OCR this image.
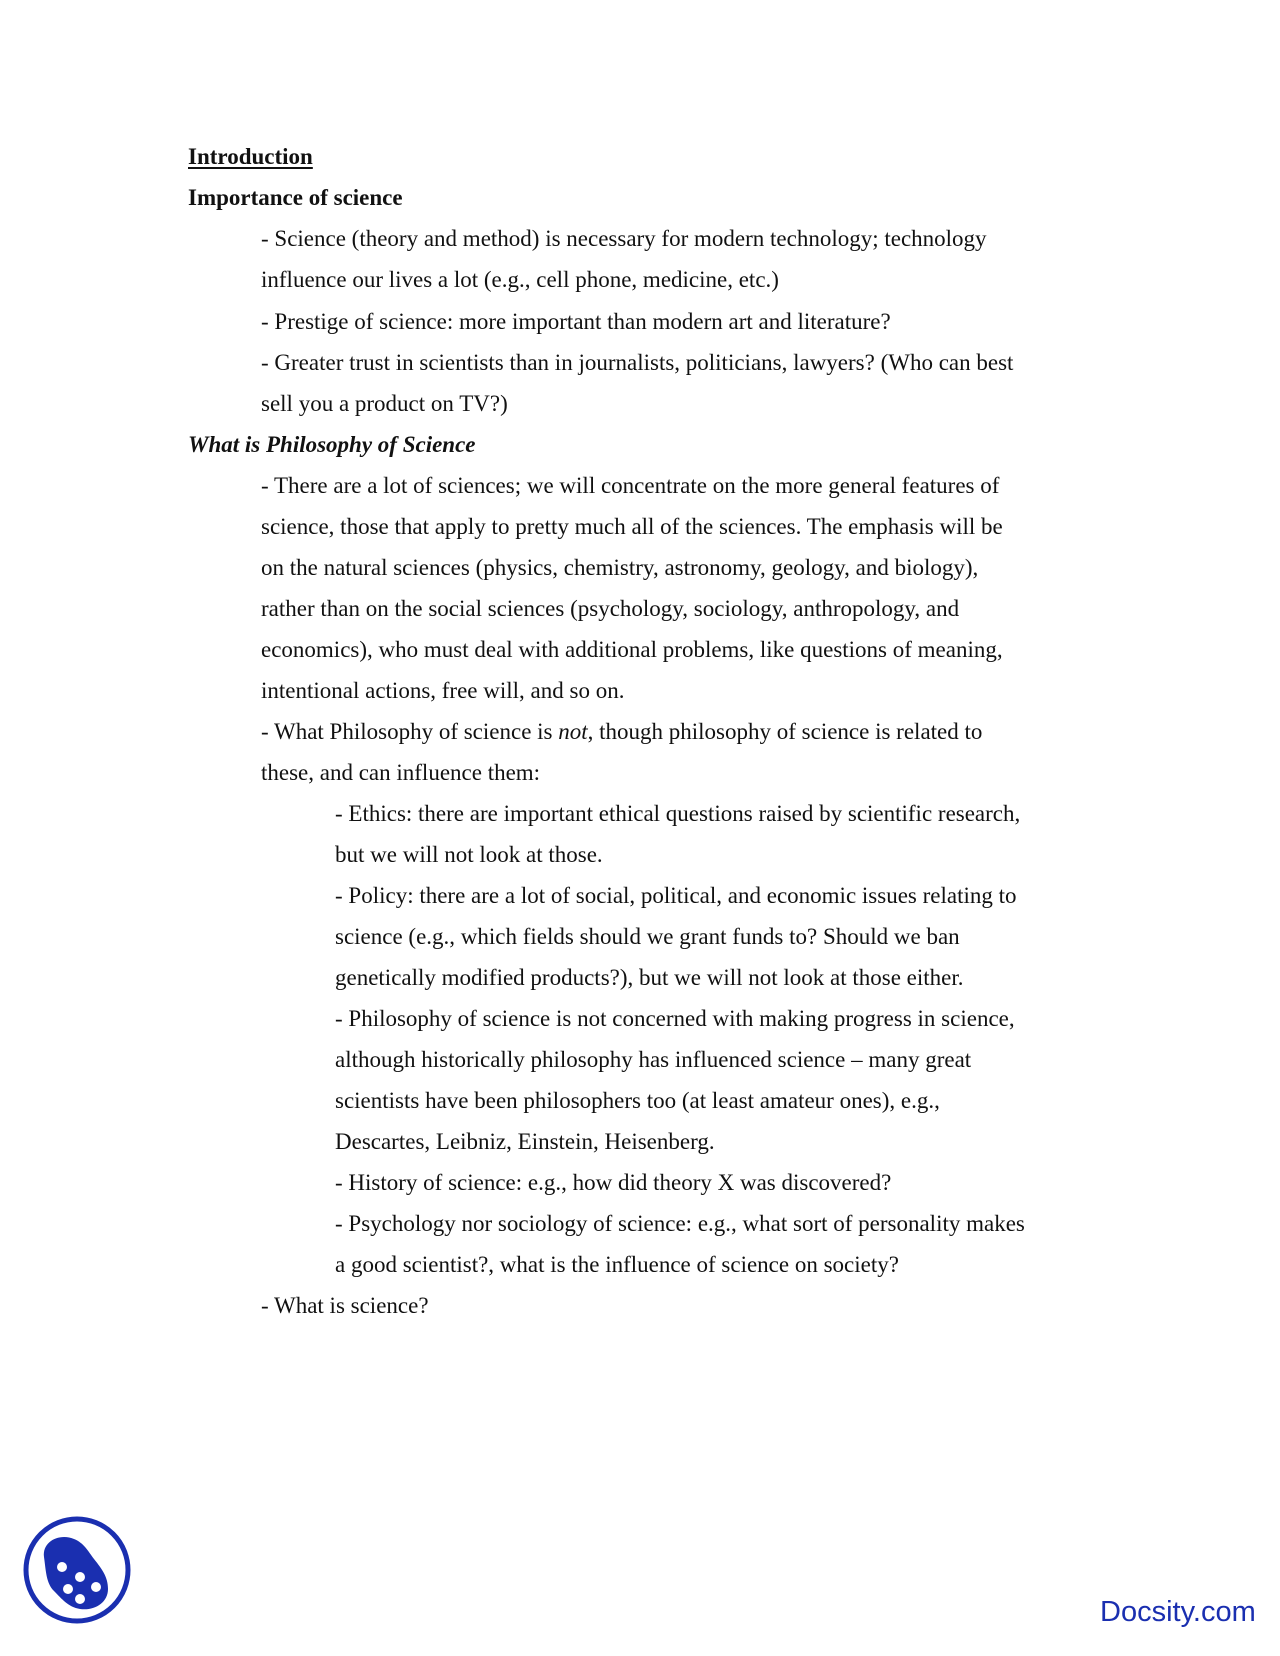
Introduction
Importance of science
- Science (theory and method) is necessary for modern technology; technology
influence our lives a lot (e.g., cell phone, medicine, etc.)
- Prestige of science: more important than modern art and literature?
- Greater trust in scientists than in journalists, politicians, lawyers? (Who can best
sell you a product on TV?)
What is Philosophy of Science
- There are a lot of sciences; we will concentrate on the more general features of
science, those that apply to pretty much all of the sciences. The emphasis will be
on the natural sciences (physics, chemistry, astronomy, geology, and biology),
rather than on the social sciences (psychology, sociology, anthropology, and
economics), who must deal with additional problems, like questions of meaning,
intentional actions, free will, and so on.
- What Philosophy of science is not, though philosophy of science is related to
these, and can influence them:
- Ethics: there are important ethical questions raised by scientific research,
but we will not look at those.
- Policy: there are a lot of social, political, and economic issues relating to
science (e.g., which fields should we grant funds to? Should we ban
genetically modified products?), but we will not look at those either.
- Philosophy of science is not concerned with making progress in science,
although historically philosophy has influenced science – many great
scientists have been philosophers too (at least amateur ones), e.g.,
Descartes, Leibniz, Einstein, Heisenberg.
- History of science: e.g., how did theory X was discovered?
- Psychology nor sociology of science: e.g., what sort of personality makes
a good scientist?, what is the influence of science on society?
- What is science?
Docsity.com
